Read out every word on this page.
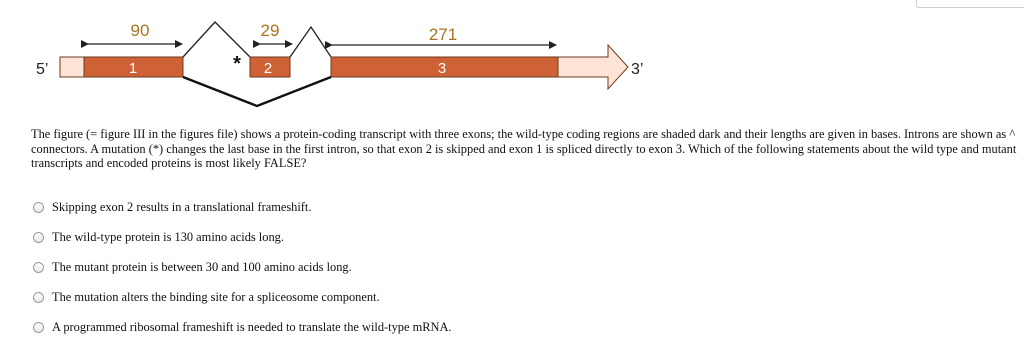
90	29	271
5’	1	* 2	3	3’

The figure (= figure III in the figures file) shows a protein-coding transcript with three exons; the wild-type coding regions are shaded dark and their lengths are given in bases. Introns are shown as ^ connectors. A mutation (*) changes the last base in the first intron, so that exon 2 is skipped and exon 1 is spliced directly to exon 3. Which of the following statements about the wild type and mutant transcripts and encoded proteins is most likely FALSE?

Skipping exon 2 results in a translational frameshift.
The wild-type protein is 130 amino acids long.
The mutant protein is between 30 and 100 amino acids long.
The mutation alters the binding site for a spliceosome component.
A programmed ribosomal frameshift is needed to translate the wild-type mRNA.
